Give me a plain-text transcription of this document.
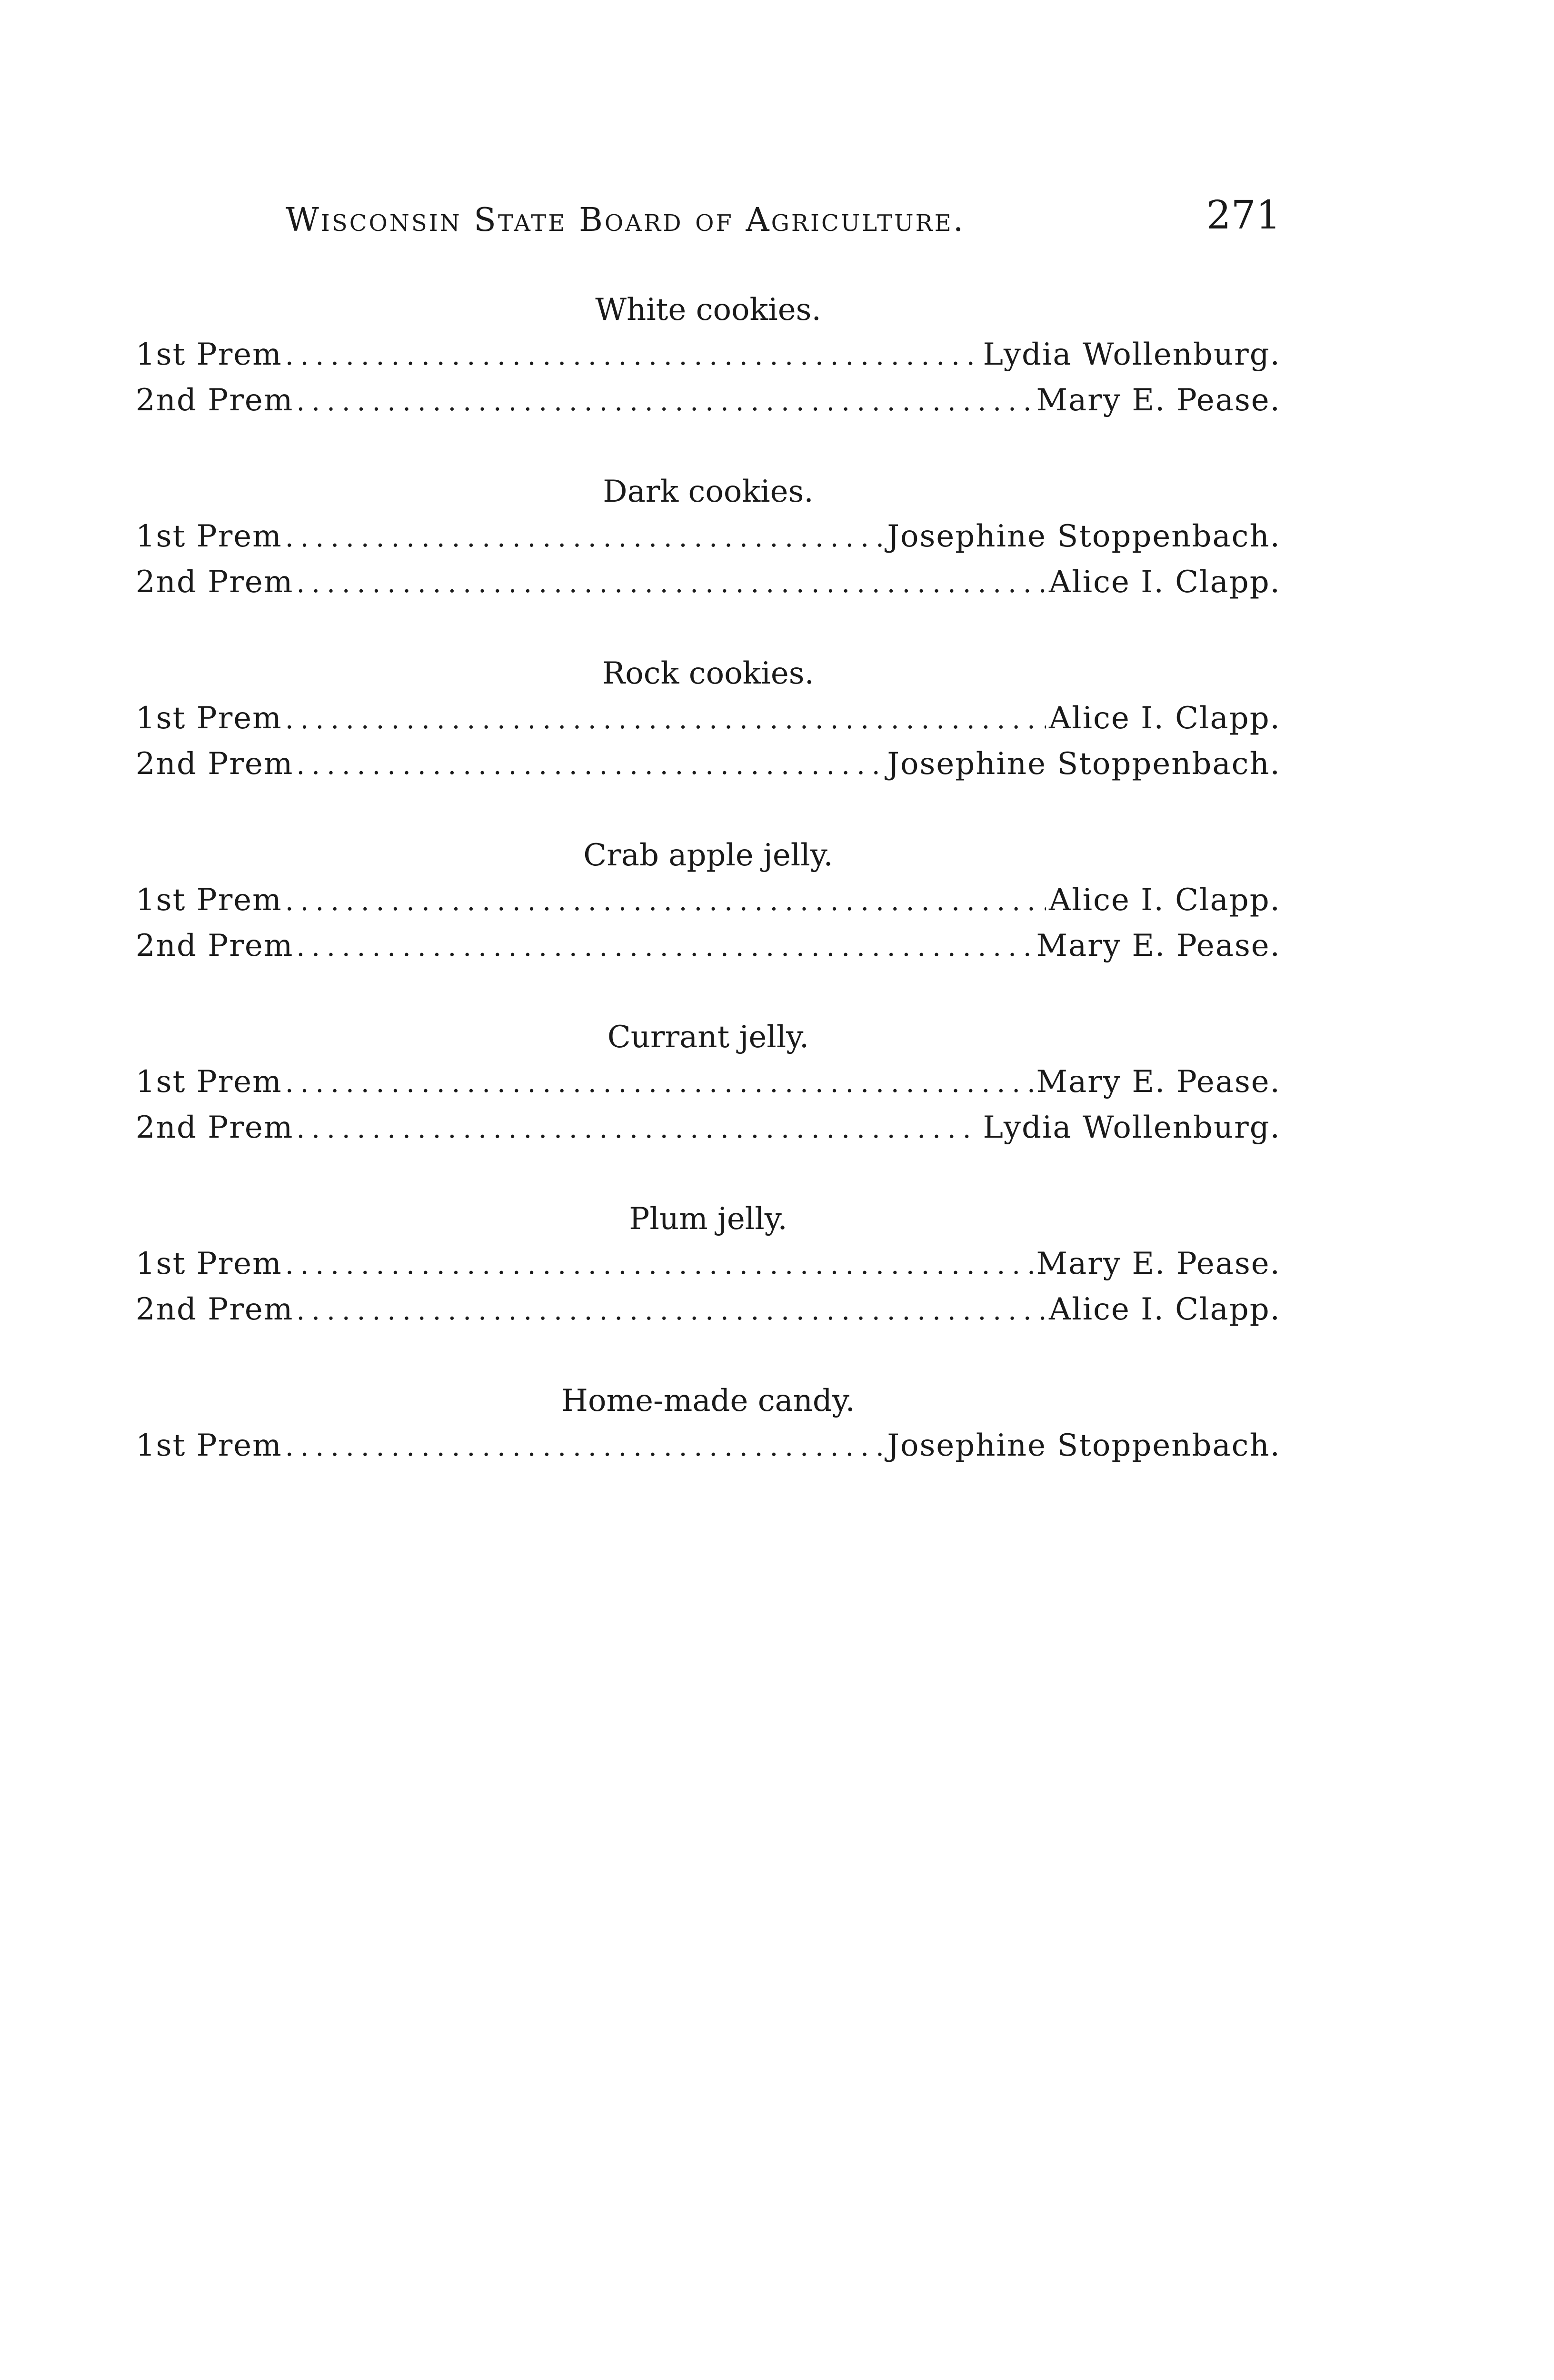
Wisconsin State Board of Agriculture.	271
White cookies.
1st Prem .....	Lydia Wollenburg.
2nd Prem .....	Mary E. Pease.
Dark cookies.
1st Prem .....	Josephine Stoppenbach.
2nd Prem .....	Alice I. Clapp.
Rock cookies.
1st Prem .....	Alice I. Clapp.
2nd Prem .....	Josephine Stoppenbach.
Crab apple jelly.
1st Prem .....	Alice I. Clapp.
2nd Prem .....	Mary E. Pease.
Currant jelly.
1st Prem .....	Mary E. Pease.
2nd Prem .....	Lydia Wollenburg.
Plum jelly.
1st Prem .....	Mary E. Pease.
2nd Prem .....	Alice I. Clapp.
Home-made candy.
1st Prem .....	Josephine Stoppenbach.
